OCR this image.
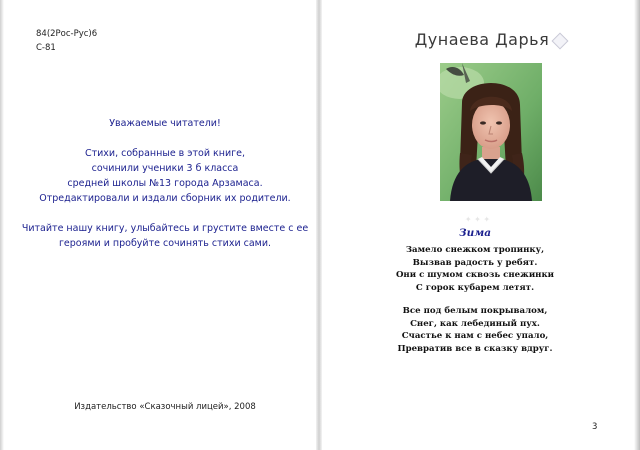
84(2Рос-Рус)6
С-81
Уважаемые читатели!
Стихи, собранные в этой книге,
сочинили ученики 3 б класса
средней школы №13 города Арзамаса.
Отредактировали и издали сборник их родители.
Читайте нашу книгу, улыбайтесь и грустите вместе с ее
героями и пробуйте сочинять стихи сами.
Издательство «Сказочный лицей», 2008
Дунаева Дарья
✦ ✦ ✦
Зима
Замело снежком тропинку,
Вызвав радость у ребят.
Они с шумом сквозь снежинки
С горок кубарем летят.
Все под белым покрывалом,
Снег, как лебединый пух.
Счастье к нам с небес упало,
Превратив все в сказку вдруг.
3
